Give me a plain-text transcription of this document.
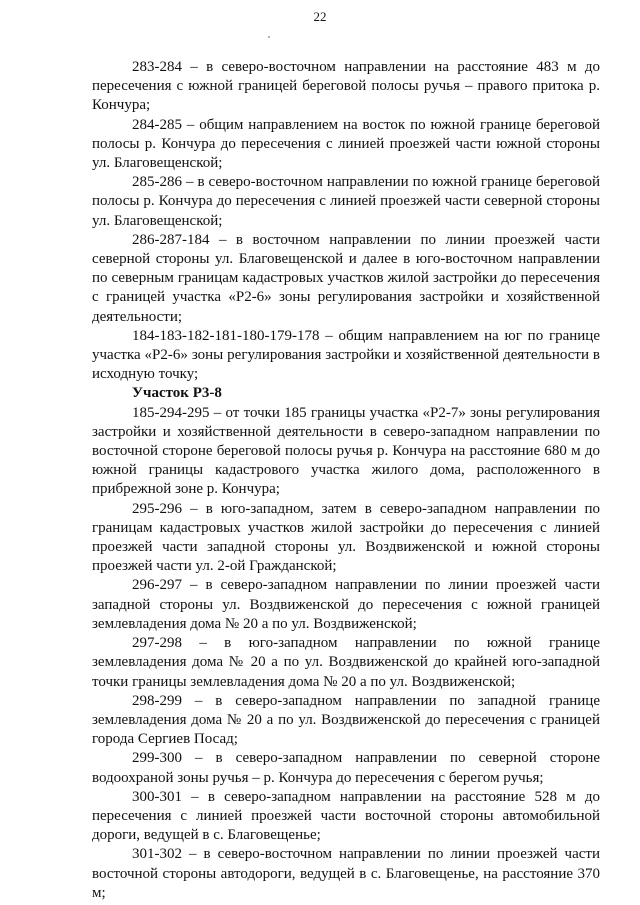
22

283-284 – в северо-восточном направлении на расстояние 483 м до пересечения с южной границей береговой полосы ручья – правого притока р. Кончура;

284-285 – общим направлением на восток по южной границе береговой полосы р. Кончура до пересечения с линией проезжей части южной стороны ул. Благовещенской;

285-286 – в северо-восточном направлении по южной границе береговой полосы р. Кончура до пересечения с линией проезжей части северной стороны ул. Благовещенской;

286-287-184 – в восточном направлении по линии проезжей части северной стороны ул. Благовещенской и далее в юго-восточном направлении по северным границам кадастровых участков жилой застройки до пересечения с границей участка «Р2-6» зоны регулирования застройки и хозяйственной деятельности;

184-183-182-181-180-179-178 – общим направлением на юг по границе участка «Р2-6» зоны регулирования застройки и хозяйственной деятельности в исходную точку;

Участок Р3-8

185-294-295 – от точки 185 границы участка «Р2-7» зоны регулирования застройки и хозяйственной деятельности в северо-западном направлении по восточной стороне береговой полосы ручья р. Кончура на расстояние 680 м до южной границы кадастрового участка жилого дома, расположенного в прибрежной зоне р. Кончура;

295-296 – в юго-западном, затем в северо-западном направлении по границам кадастровых участков жилой застройки до пересечения с линией проезжей части западной стороны ул. Воздвиженской и южной стороны проезжей части ул. 2-ой Гражданской;

296-297 – в северо-западном направлении по линии проезжей части западной стороны ул. Воздвиженской до пересечения с южной границей землевладения дома № 20 а по ул. Воздвиженской;

297-298 – в юго-западном направлении по южной границе землевладения дома № 20 а по ул. Воздвиженской до крайней юго-западной точки границы землевладения дома № 20 а по ул. Воздвиженской;

298-299 – в северо-западном направлении по западной границе землевладения дома № 20 а по ул. Воздвиженской до пересечения с границей города Сергиев Посад;

299-300 – в северо-западном направлении по северной стороне водоохраной зоны ручья – р. Кончура до пересечения с берегом ручья;

300-301 – в северо-западном направлении на расстояние 528 м до пересечения с линией проезжей части восточной стороны автомобильной дороги, ведущей в с. Благовещенье;

301-302 – в северо-восточном направлении по линии проезжей части восточной стороны автодороги, ведущей в с. Благовещенье, на расстояние 370 м;
